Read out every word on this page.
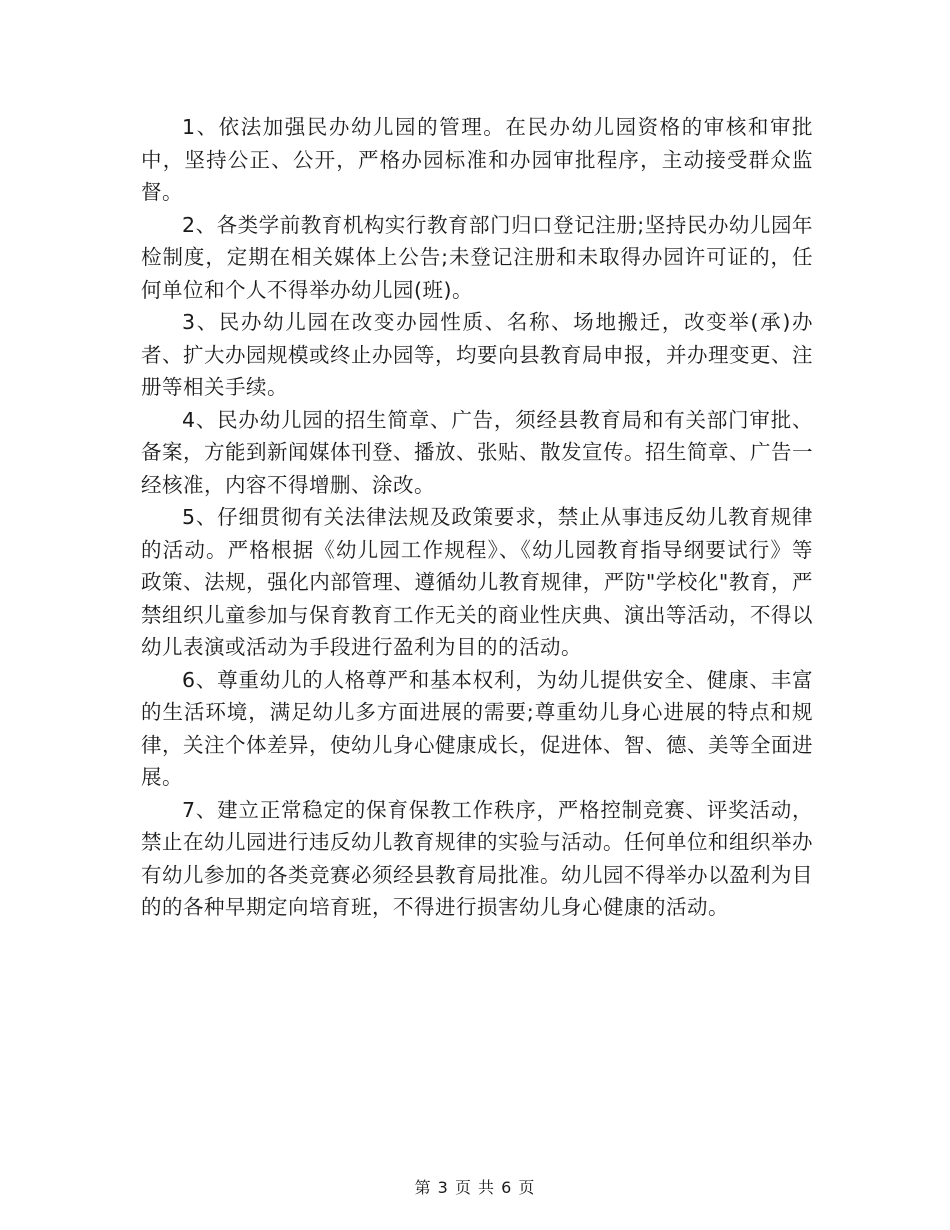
1、依法加强民办幼儿园的管理。在民办幼儿园资格的审核和审批中，坚持公正、公开，严格办园标准和办园审批程序，主动接受群众监督。

2、各类学前教育机构实行教育部门归口登记注册;坚持民办幼儿园年检制度，定期在相关媒体上公告;未登记注册和未取得办园许可证的，任何单位和个人不得举办幼儿园(班)。

3、民办幼儿园在改变办园性质、名称、场地搬迁，改变举(承)办者、扩大办园规模或终止办园等，均要向县教育局申报，并办理变更、注册等相关手续。

4、民办幼儿园的招生简章、广告，须经县教育局和有关部门审批、备案，方能到新闻媒体刊登、播放、张贴、散发宣传。招生简章、广告一经核准，内容不得增删、涂改。

5、仔细贯彻有关法律法规及政策要求，禁止从事违反幼儿教育规律的活动。严格根据《幼儿园工作规程》、《幼儿园教育指导纲要试行》等政策、法规，强化内部管理、遵循幼儿教育规律，严防"学校化"教育，严禁组织儿童参加与保育教育工作无关的商业性庆典、演出等活动，不得以幼儿表演或活动为手段进行盈利为目的的活动。

6、尊重幼儿的人格尊严和基本权利，为幼儿提供安全、健康、丰富的生活环境，满足幼儿多方面进展的需要;尊重幼儿身心进展的特点和规律，关注个体差异，使幼儿身心健康成长，促进体、智、德、美等全面进展。

7、建立正常稳定的保育保教工作秩序，严格控制竞赛、评奖活动，禁止在幼儿园进行违反幼儿教育规律的实验与活动。任何单位和组织举办有幼儿参加的各类竞赛必须经县教育局批准。幼儿园不得举办以盈利为目的的各种早期定向培育班，不得进行损害幼儿身心健康的活动。

第 3 页 共 6 页
